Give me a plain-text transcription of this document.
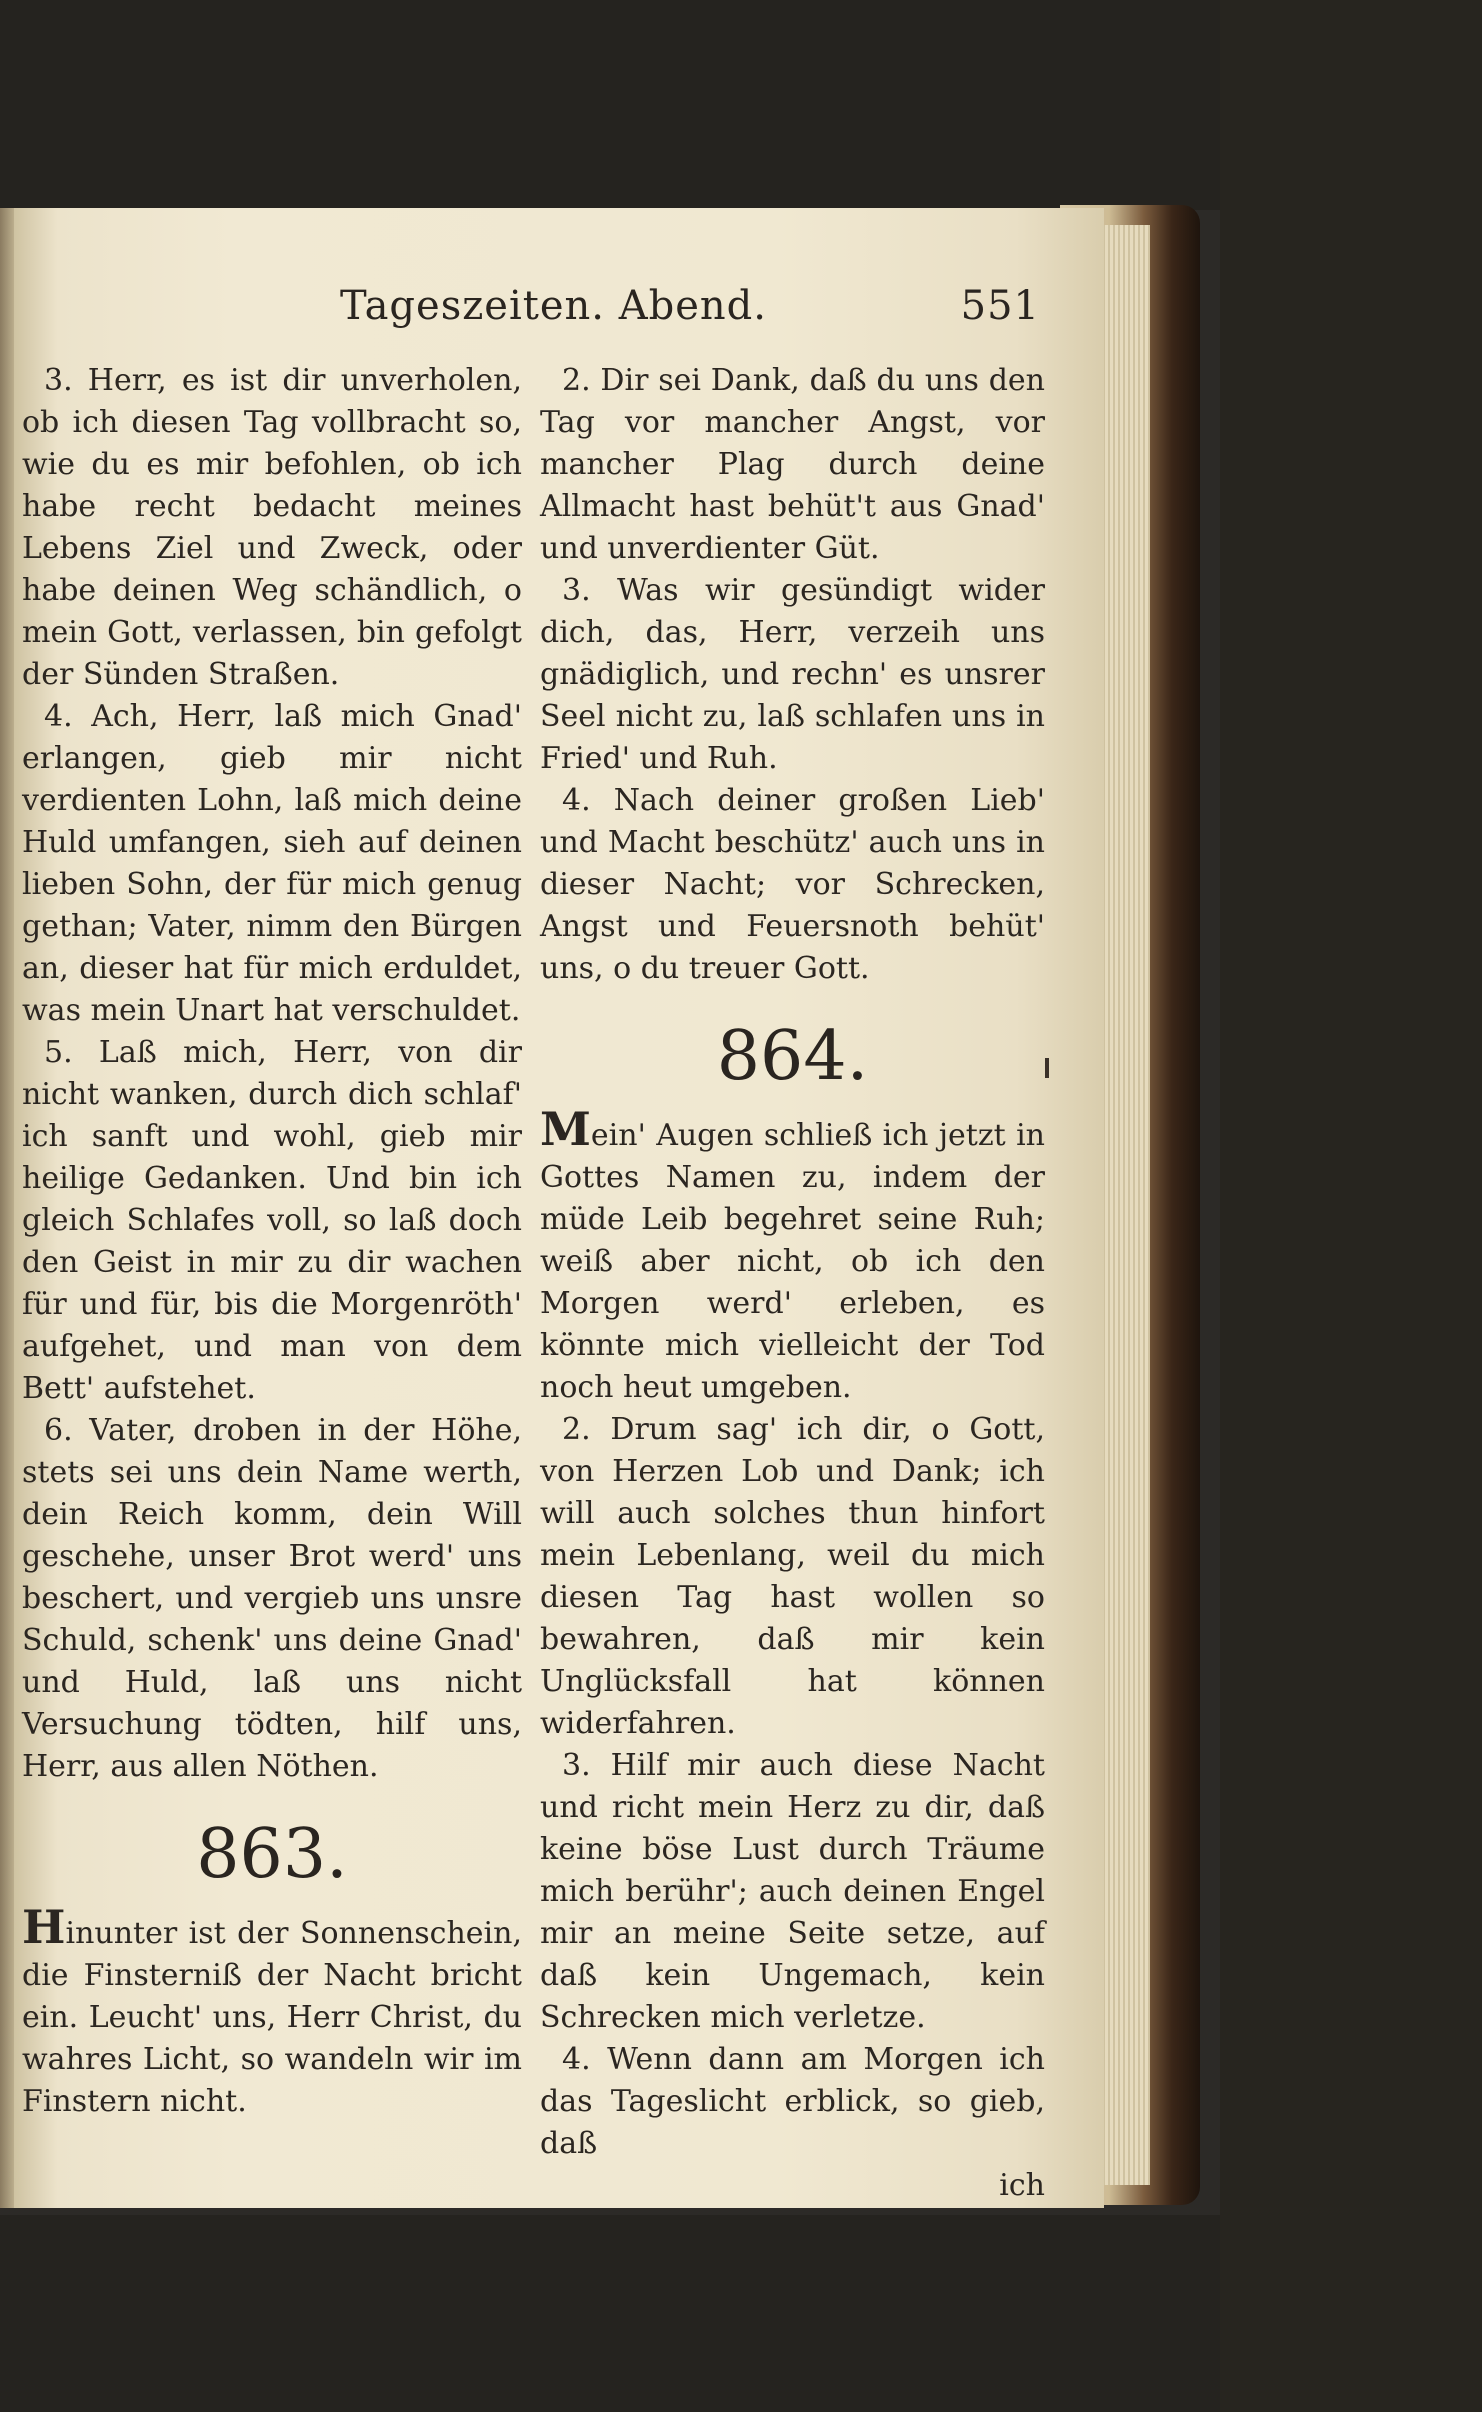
Tageszeiten. Abend.	551

3. Herr, es ist dir unverholen, ob ich diesen Tag vollbracht so, wie du es mir befohlen, ob ich habe recht bedacht meines Lebens Ziel und Zweck, oder habe deinen Weg schändlich, o mein Gott, verlassen, bin gefolgt der Sünden Straßen.

4. Ach, Herr, laß mich Gnad' erlangen, gieb mir nicht verdienten Lohn, laß mich deine Huld umfangen, sieh auf deinen lieben Sohn, der für mich genug gethan; Vater, nimm den Bürgen an, dieser hat für mich erduldet, was mein Unart hat verschuldet.

5. Laß mich, Herr, von dir nicht wanken, durch dich schlaf' ich sanft und wohl, gieb mir heilige Gedanken. Und bin ich gleich Schlafes voll, so laß doch den Geist in mir zu dir wachen für und für, bis die Morgenröth' aufgehet, und man von dem Bett' aufstehet.

6. Vater, droben in der Höhe, stets sei uns dein Name werth, dein Reich komm, dein Will geschehe, unser Brot werd' uns beschert, und vergieb uns unsre Schuld, schenk' uns deine Gnad' und Huld, laß uns nicht Versuchung tödten, hilf uns, Herr, aus allen Nöthen.

863.

Hinunter ist der Sonnenschein, die Finsterniß der Nacht bricht ein. Leucht' uns, Herr Christ, du wahres Licht, so wandeln wir im Finstern nicht.

2. Dir sei Dank, daß du uns den Tag vor mancher Angst, vor mancher Plag durch deine Allmacht hast behüt't aus Gnad' und unverdienter Güt.

3. Was wir gesündigt wider dich, das, Herr, verzeih uns gnädiglich, und rechn' es unsrer Seel nicht zu, laß schlafen uns in Fried' und Ruh.

4. Nach deiner großen Lieb' und Macht beschütz' auch uns in dieser Nacht; vor Schrecken, Angst und Feuersnoth behüt' uns, o du treuer Gott.

864.

Mein' Augen schließ ich jetzt in Gottes Namen zu, indem der müde Leib begehret seine Ruh; weiß aber nicht, ob ich den Morgen werd' erleben, es könnte mich vielleicht der Tod noch heut umgeben.

2. Drum sag' ich dir, o Gott, von Herzen Lob und Dank; ich will auch solches thun hinfort mein Lebenlang, weil du mich diesen Tag hast wollen so bewahren, daß mir kein Unglücksfall hat können widerfahren.

3. Hilf mir auch diese Nacht und richt mein Herz zu dir, daß keine böse Lust durch Träume mich berühr'; auch deinen Engel mir an meine Seite setze, auf daß kein Ungemach, kein Schrecken mich verletze.

4. Wenn dann am Morgen ich das Tageslicht erblick, so gieb, daß

ich
